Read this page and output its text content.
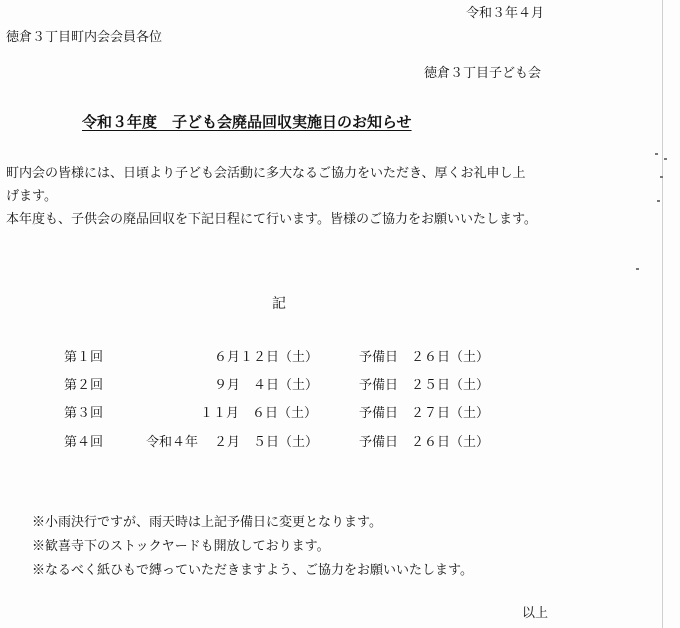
令和３年４月
徳倉３丁目町内会会員各位
徳倉３丁目子ども会
令和３年度　子ども会廃品回収実施日のお知らせ
町内会の皆様には、日頃より子ども会活動に多大なるご協力をいただき、厚くお礼申し上
げます。
本年度も、子供会の廃品回収を下記日程にて行います。皆様のご協力をお願いいたします。
記
第１回	６月１２日（土）	予備日 ２６日（土）
第２回	９月　４日（土）	予備日 ２５日（土）
第３回	１１月　６日（土）	予備日 ２７日（土）
第４回	令和４年 ２月　５日（土）	予備日 ２６日（土）
※小雨決行ですが、雨天時は上記予備日に変更となります。
※歓喜寺下のストックヤードも開放しております。
※なるべく紙ひもで縛っていただきますよう、ご協力をお願いいたします。
以上
